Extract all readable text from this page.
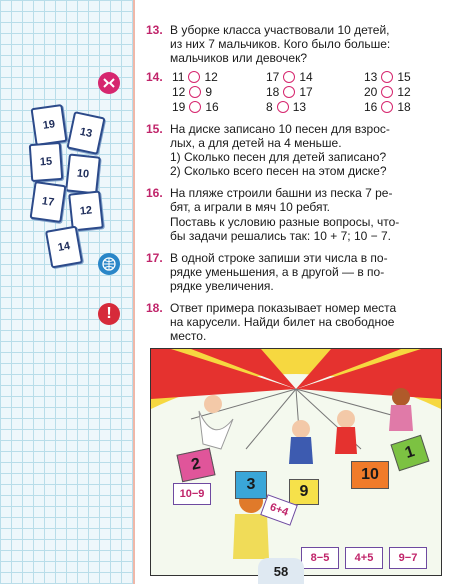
19
13
15
10
17
12
14
!
13. В уборке класса участвовали 10 детей,
из них 7 мальчиков. Кого было больше:
мальчиков или девочек?
14. 11 12	17 14	13 15
12 9	18 17	20 12
19 16	8 13	16 18
15. На диске записано 10 песен для взрос-
лых, а для детей на 4 меньше.
1) Сколько песен для детей записано?
2) Сколько всего песен на этом диске?
16. На пляже строили башни из песка 7 ре-
бят, а играли в мяч 10 ребят.
Поставь к условию разные вопросы, что-
бы задачи решались так: 10 + 7; 10 − 7.
17. В одной строке запиши эти числа в по-
рядке уменьшения, а в другой — в по-
рядке увеличения.
18. Ответ примера показывает номер места
на карусели. Найди билет на свободное
место.
2
3	9
10
1
10−9
6+4
8−5	4+5	9−7
58
